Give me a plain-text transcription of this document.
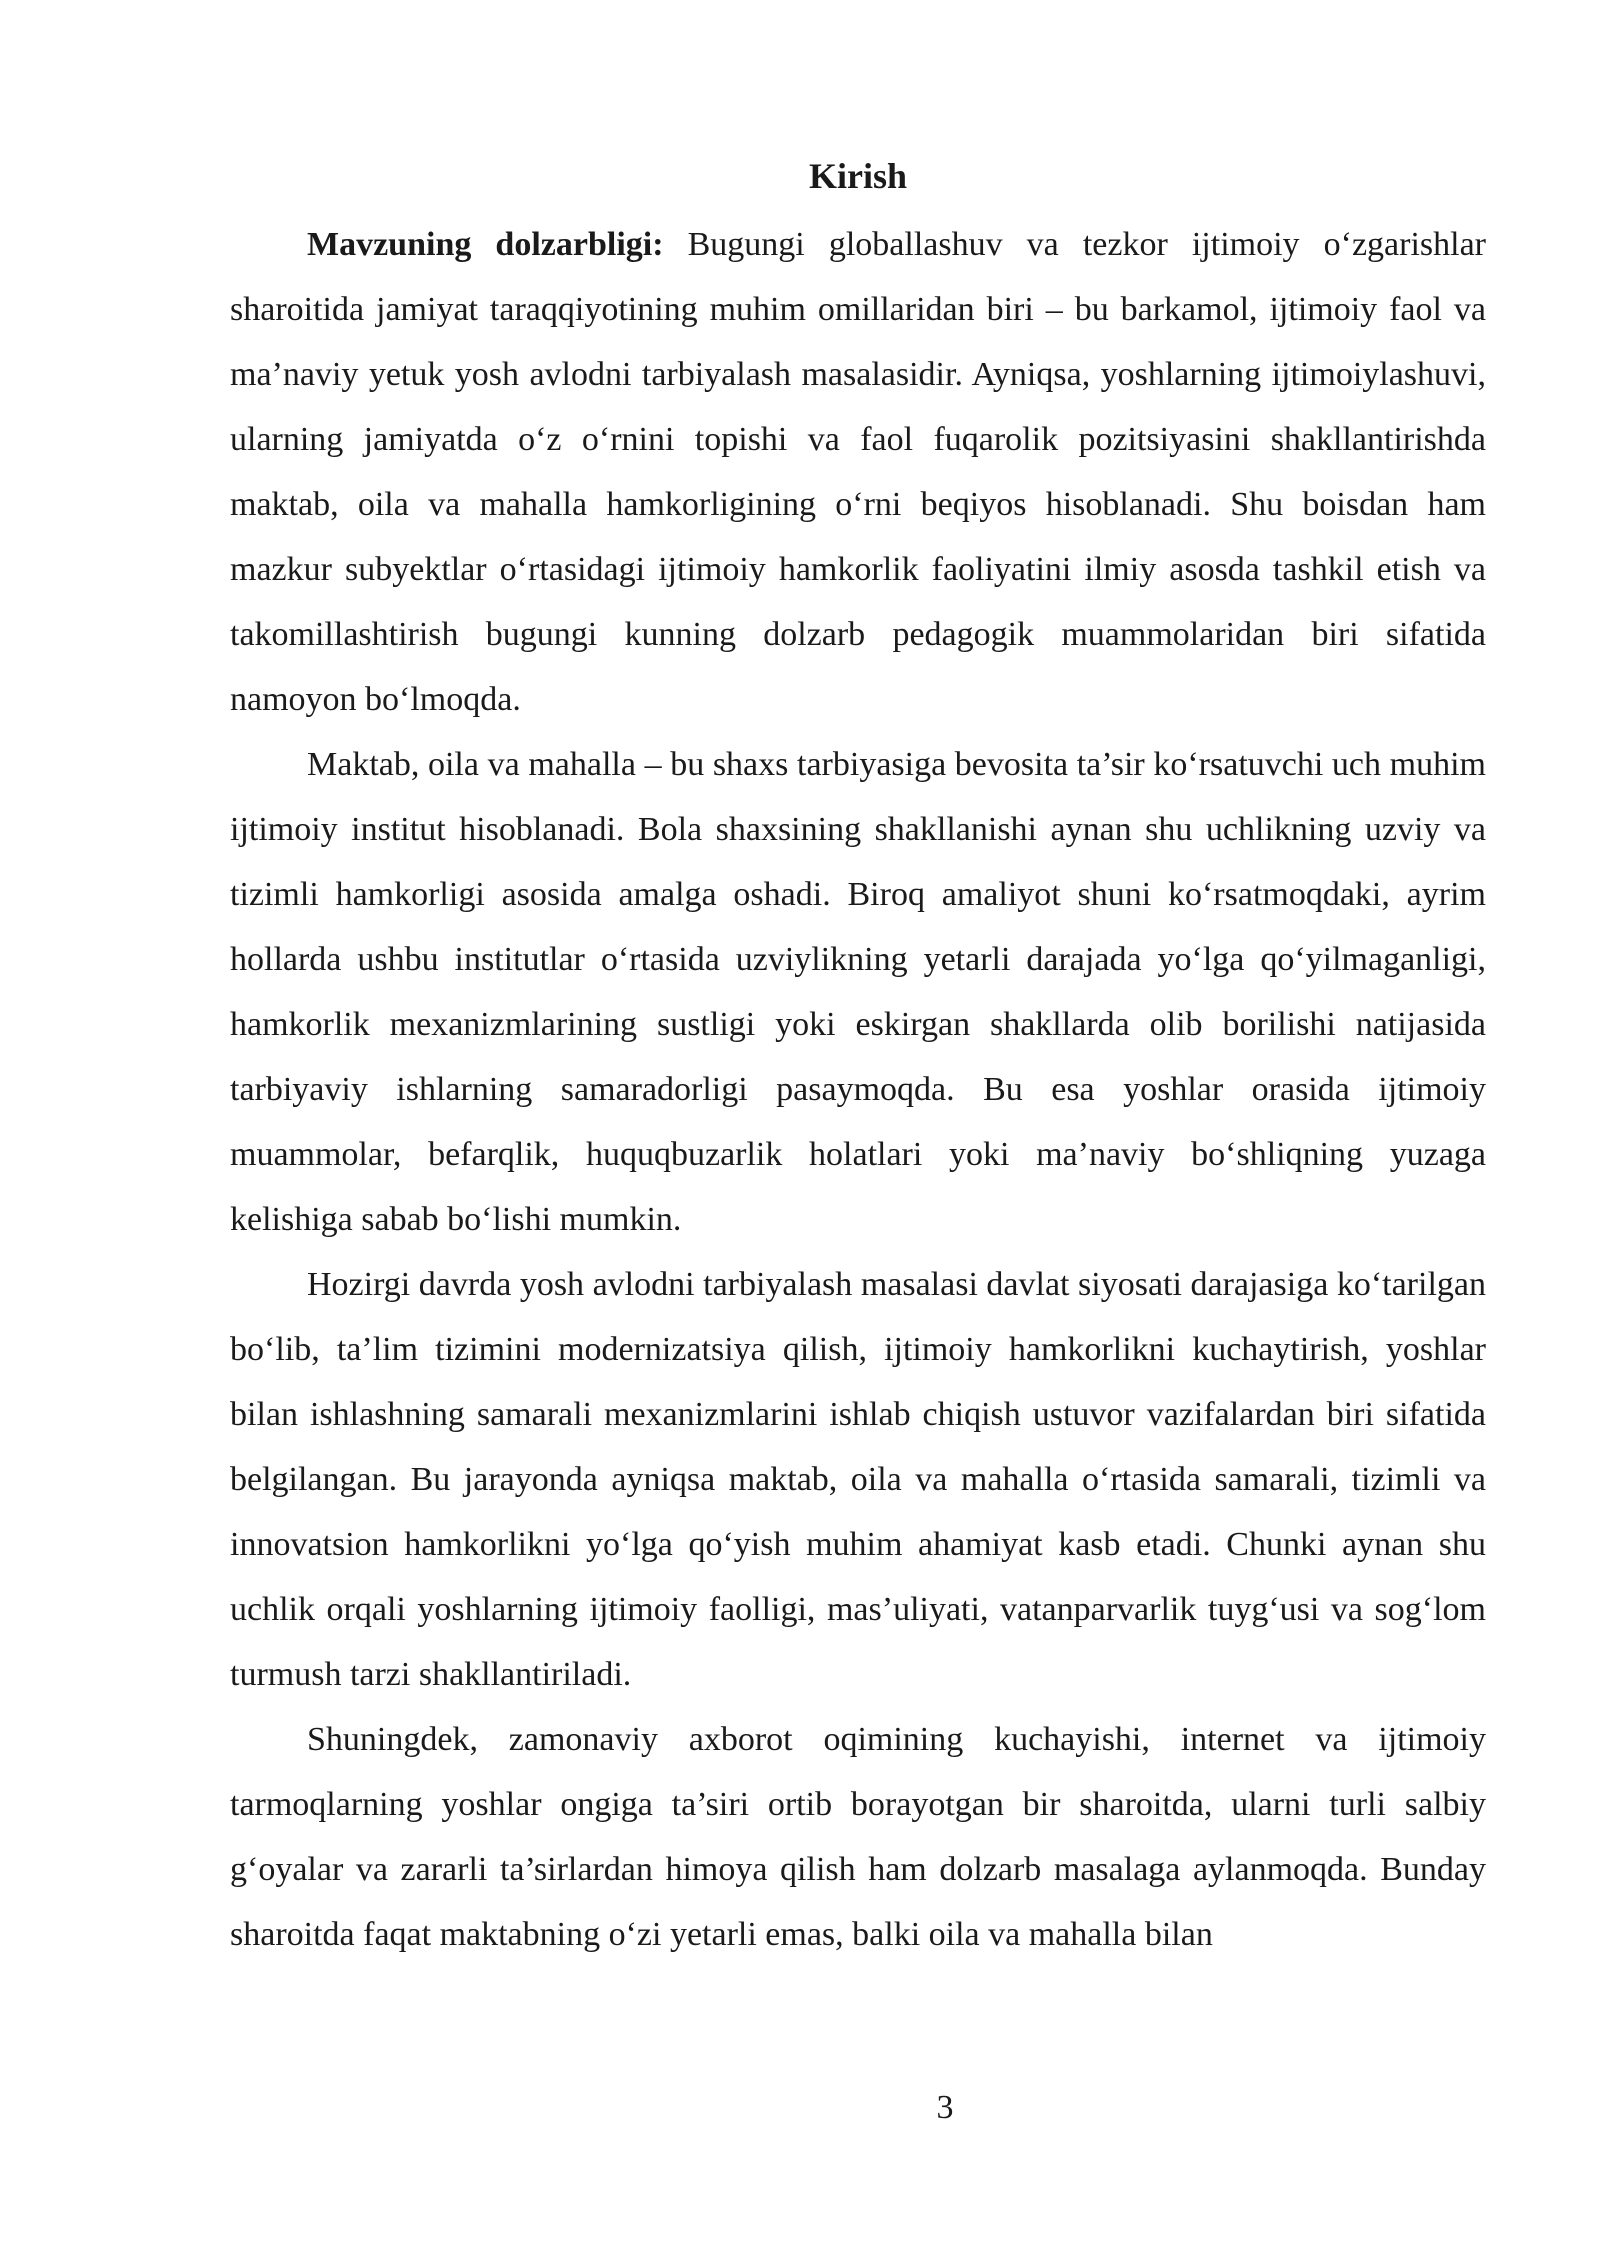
Kirish

Mavzuning dolzarbligi: Bugungi globallashuv va tezkor ijtimoiy o‘zgarishlar sharoitida jamiyat taraqqiyotining muhim omillaridan biri – bu barkamol, ijtimoiy faol va ma’naviy yetuk yosh avlodni tarbiyalash masalasidir. Ayniqsa, yoshlarning ijtimoiylashuvi, ularning jamiyatda o‘z o‘rnini topishi va faol fuqarolik pozitsiyasini shakllantirishda maktab, oila va mahalla hamkorligining o‘rni beqiyos hisoblanadi. Shu boisdan ham mazkur subyektlar o‘rtasidagi ijtimoiy hamkorlik faoliyatini ilmiy asosda tashkil etish va takomillashtirish bugungi kunning dolzarb pedagogik muammolaridan biri sifatida namoyon bo‘lmoqda.

Maktab, oila va mahalla – bu shaxs tarbiyasiga bevosita ta’sir ko‘rsatuvchi uch muhim ijtimoiy institut hisoblanadi. Bola shaxsining shakllanishi aynan shu uchlikning uzviy va tizimli hamkorligi asosida amalga oshadi. Biroq amaliyot shuni ko‘rsatmoqdaki, ayrim hollarda ushbu institutlar o‘rtasida uzviylikning yetarli darajada yo‘lga qo‘yilmaganligi, hamkorlik mexanizmlarining sustligi yoki eskirgan shakllarda olib borilishi natijasida tarbiyaviy ishlarning samaradorligi pasaymoqda. Bu esa yoshlar orasida ijtimoiy muammolar, befarqlik, huquqbuzarlik holatlari yoki ma’naviy bo‘shliqning yuzaga kelishiga sabab bo‘lishi mumkin.

Hozirgi davrda yosh avlodni tarbiyalash masalasi davlat siyosati darajasiga ko‘tarilgan bo‘lib, ta’lim tizimini modernizatsiya qilish, ijtimoiy hamkorlikni kuchaytirish, yoshlar bilan ishlashning samarali mexanizmlarini ishlab chiqish ustuvor vazifalardan biri sifatida belgilangan. Bu jarayonda ayniqsa maktab, oila va mahalla o‘rtasida samarali, tizimli va innovatsion hamkorlikni yo‘lga qo‘yish muhim ahamiyat kasb etadi. Chunki aynan shu uchlik orqali yoshlarning ijtimoiy faolligi, mas’uliyati, vatanparvarlik tuyg‘usi va sog‘lom turmush tarzi shakllantiriladi.

Shuningdek, zamonaviy axborot oqimining kuchayishi, internet va ijtimoiy tarmoqlarning yoshlar ongiga ta’siri ortib borayotgan bir sharoitda, ularni turli salbiy g‘oyalar va zararli ta’sirlardan himoya qilish ham dolzarb masalaga aylanmoqda. Bunday sharoitda faqat maktabning o‘zi yetarli emas, balki oila va mahalla bilan

3
